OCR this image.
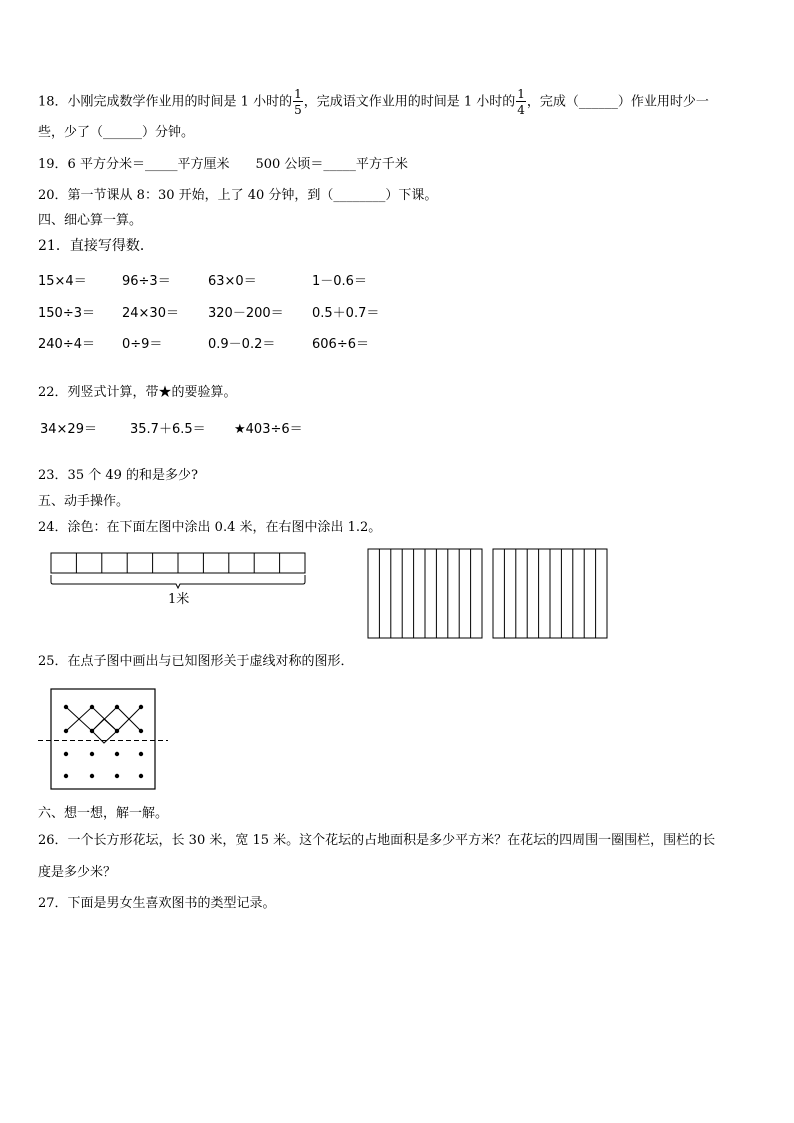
18．小刚完成数学作业用的时间是 1 小时的 $\frac{1}{5}$ ，完成语文作业用的时间是 1 小时的 $\frac{1}{4}$ ，完成（______）作业用时少一
些，少了（______）分钟。
19．6 平方分米＝_____平方厘米　　500 公顷＝_____平方千米
20．第一节课从 8：30 开始，上了 40 分钟，到（________）下课。
四、细心算一算。
21．直接写得数．
15×4＝	96÷3＝	63×0＝	1－0.6＝
150÷3＝ 24×30＝ 320－200＝ 0.5＋0.7＝
240÷4＝ 0÷9＝	0.9－0.2＝	606÷6＝
22．列竖式计算，带★的要验算。
34×29＝	35.7＋6.5＝ ★403÷6＝
23．35 个 49 的和是多少?
五、动手操作。
24．涂色：在下面左图中涂出 0.4 米，在右图中涂出 1.2。
1米
25．在点子图中画出与已知图形关于虚线对称的图形．
六、想一想，解一解。
26．一个长方形花坛，长 30 米，宽 15 米。这个花坛的占地面积是多少平方米？在花坛的四周围一圈围栏，围栏的长
度是多少米？
27．下面是男女生喜欢图书的类型记录。
